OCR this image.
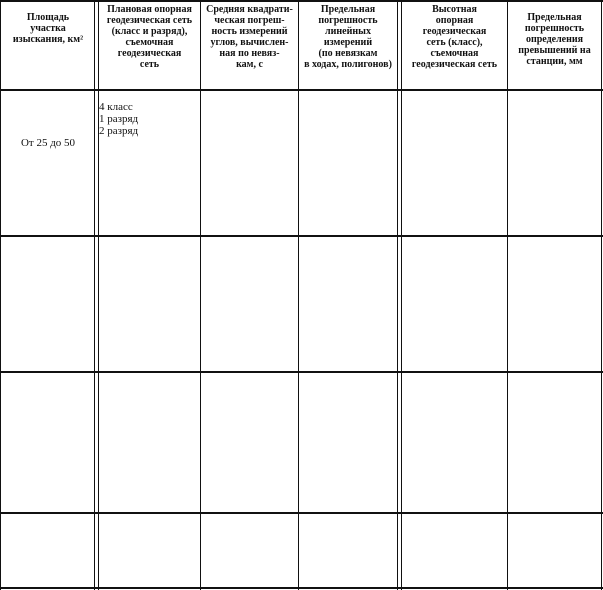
Площадь
участка
изыскания, км²
Плановая опорная
геодезическая сеть
(класс и разряд),
съемочная
геодезическая
сеть
Средняя квадрати-
ческая погреш-
ность измерений
углов, вычислен-
ная по невяз-
кам, с
Предельная
погрешность
линейных
измерений
(по невязкам
в ходах, полигонов)
Высотная
опорная
геодезическая
сеть (класс),
съемочная
геодезическая сеть
Предельная
погрешность
определения
превышений на
станции, мм
От 25 до 50
4 класс
1 разряд
2 разряд
